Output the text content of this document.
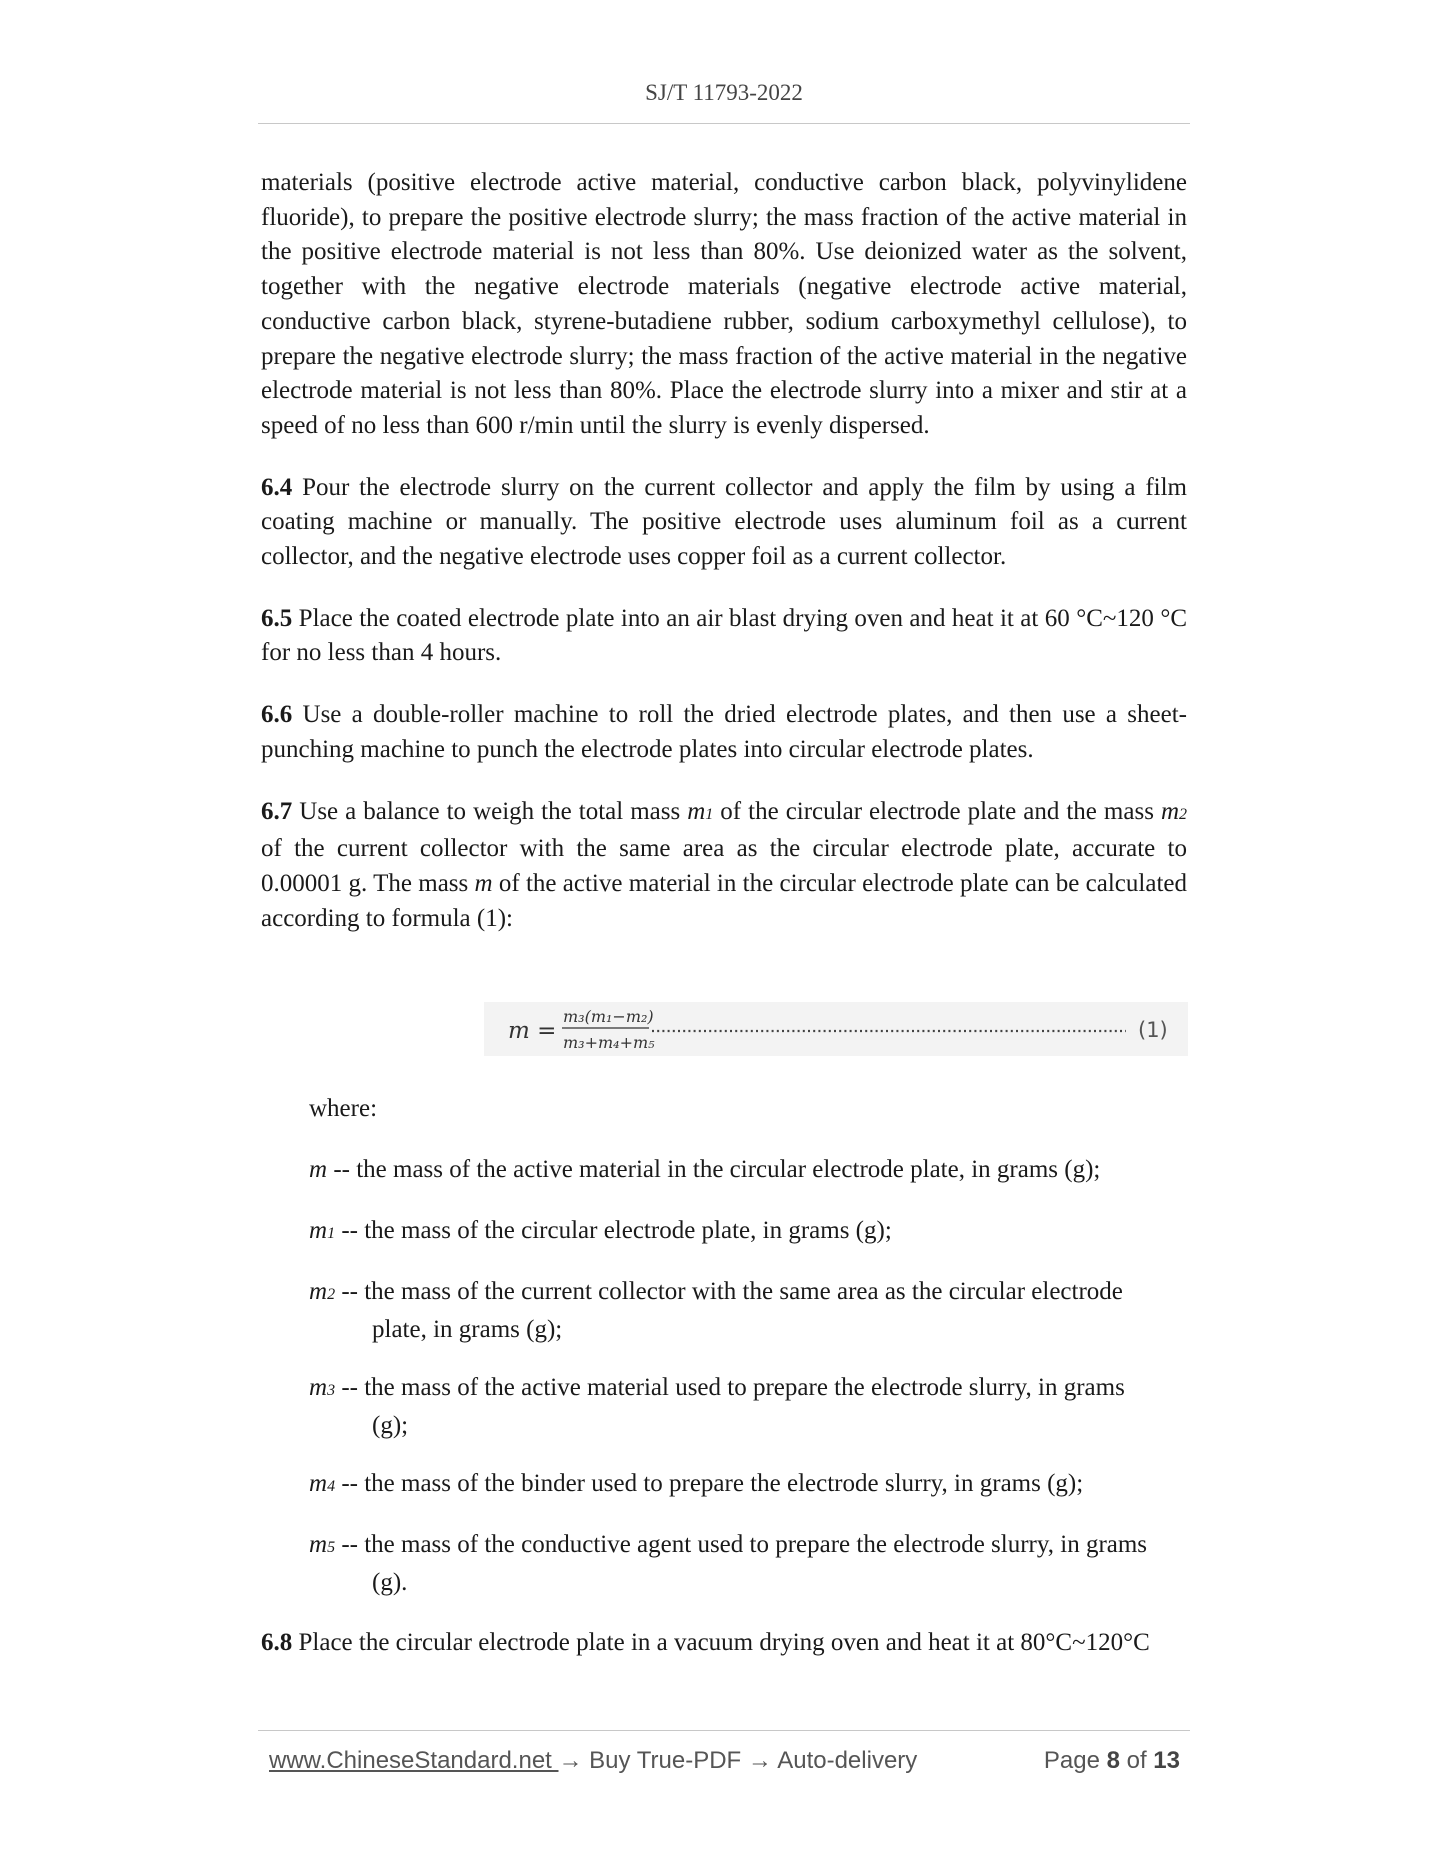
SJ/T 11793-2022

materials (positive electrode active material, conductive carbon black, polyvinylidene fluoride), to prepare the positive electrode slurry; the mass fraction of the active material in the positive electrode material is not less than 80%. Use deionized water as the solvent, together with the negative electrode materials (negative electrode active material, conductive carbon black, styrene-butadiene rubber, sodium carboxymethyl cellulose), to prepare the negative electrode slurry; the mass fraction of the active material in the negative electrode material is not less than 80%. Place the electrode slurry into a mixer and stir at a speed of no less than 600 r/min until the slurry is evenly dispersed.

6.4 Pour the electrode slurry on the current collector and apply the film by using a film coating machine or manually. The positive electrode uses aluminum foil as a current collector, and the negative electrode uses copper foil as a current collector.

6.5 Place the coated electrode plate into an air blast drying oven and heat it at 60 °C~120 °C for no less than 4 hours.

6.6 Use a double-roller machine to roll the dried electrode plates, and then use a sheet-punching machine to punch the electrode plates into circular electrode plates.

6.7 Use a balance to weigh the total mass m1 of the circular electrode plate and the mass m2 of the current collector with the same area as the circular electrode plate, accurate to 0.00001 g. The mass m of the active material in the circular electrode plate can be calculated according to formula (1):

m =
m₃(m₁−m₂)
m₃+m₄+m₅
(1)
where:
m -- the mass of the active material in the circular electrode plate, in grams (g);
m1 -- the mass of the circular electrode plate, in grams (g);
m2 -- the mass of the current collector with the same area as the circular electrode
plate, in grams (g);
m3 -- the mass of the active material used to prepare the electrode slurry, in grams
(g);
m4 -- the mass of the binder used to prepare the electrode slurry, in grams (g);
m5 -- the mass of the conductive agent used to prepare the electrode slurry, in grams
(g).
6.8 Place the circular electrode plate in a vacuum drying oven and heat it at 80°C~120°C
www.ChineseStandard.net → Buy True-PDF → Auto-delivery	Page 8 of 13
